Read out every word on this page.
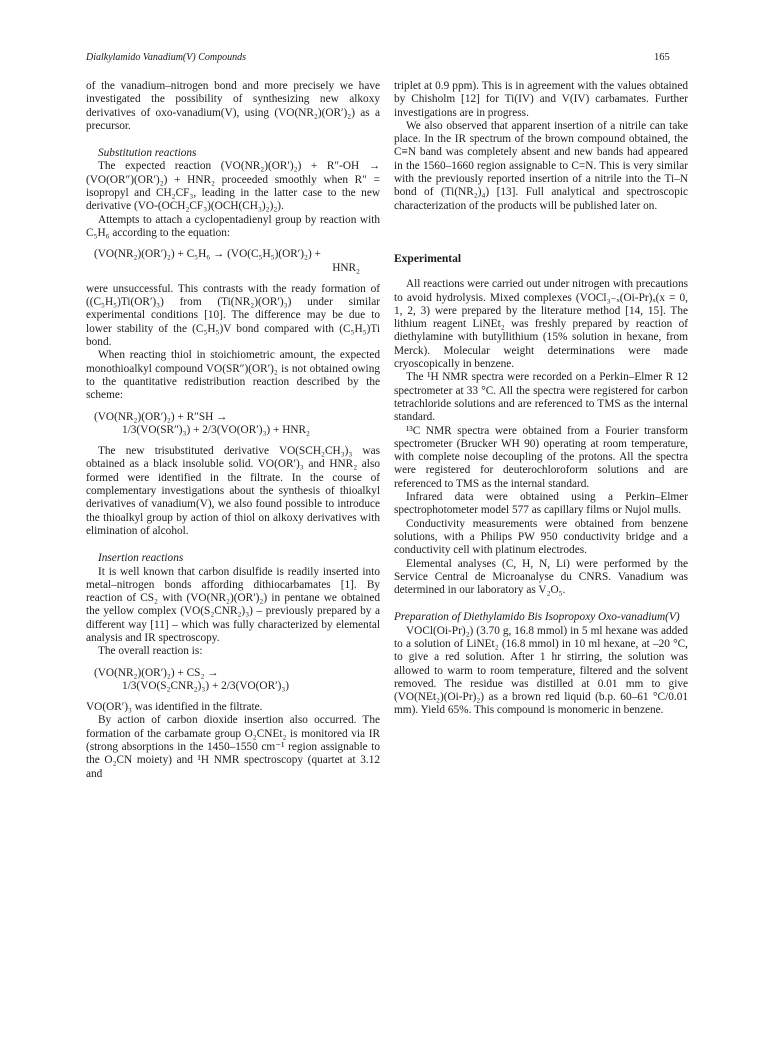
Dialkylamido Vanadium(V) Compounds	165

of the vanadium–nitrogen bond and more precisely we have investigated the possibility of synthesizing new alkoxy derivatives of oxo-vanadium(V), using (VO(NR₂)(OR′)₂) as a precursor.

Substitution reactions

The expected reaction (VO(NR₂)(OR′)₂) + R″-OH → (VO(OR″)(OR′)₂) + HNR₂ proceeded smoothly when R″ = isopropyl and CH₂CF₃, leading in the latter case to the new derivative (VO-(OCH₂CF₃)(OCH(CH₃)₂)₂).

Attempts to attach a cyclopentadienyl group by reaction with C₅H₆ according to the equation:

(VO(NR₂)(OR′)₂) + C₅H₆ → (VO(C₅H₅)(OR′)₂) +
HNR₂

were unsuccessful. This contrasts with the ready formation of ((C₅H₅)Ti(OR′)₃) from (Ti(NR₂)(OR′)₃) under similar experimental conditions [10]. The difference may be due to lower stability of the (C₅H₅)V bond compared with (C₅H₅)Ti bond.

When reacting thiol in stoichiometric amount, the expected monothioalkyl compound VO(SR″)(OR′)₂ is not obtained owing to the quantitative redistribution reaction described by the scheme:

(VO(NR₂)(OR′)₂) + R″SH →
1/3(VO(SR″)₃) + 2/3(VO(OR′)₃) + HNR₂

The new trisubstituted derivative VO(SCH₂CH₃)₃ was obtained as a black insoluble solid. VO(OR′)₃ and HNR₂ also formed were identified in the filtrate. In the course of complementary investigations about the synthesis of thioalkyl derivatives of vanadium(V), we also found possible to introduce the thioalkyl group by action of thiol on alkoxy derivatives with elimination of alcohol.

Insertion reactions

It is well known that carbon disulfide is readily inserted into metal–nitrogen bonds affording dithiocarbamates [1]. By reaction of CS₂ with (VO(NR₂)(OR′)₂) in pentane we obtained the yellow complex (VO(S₂CNR₂)₃) – previously prepared by a different way [11] – which was fully characterized by elemental analysis and IR spectroscopy.

The overall reaction is:

(VO(NR₂)(OR′)₂) + CS₂ →
1/3(VO(S₂CNR₂)₃) + 2/3(VO(OR′)₃)

VO(OR′)₃ was identified in the filtrate.

By action of carbon dioxide insertion also occurred. The formation of the carbamate group O₂CNEt₂ is monitored via IR (strong absorptions in the 1450–1550 cm⁻¹ region assignable to the O₂CN moiety) and ¹H NMR spectroscopy (quartet at 3.12 and

triplet at 0.9 ppm). This is in agreement with the values obtained by Chisholm [12] for Ti(IV) and V(IV) carbamates. Further investigations are in progress.

We also observed that apparent insertion of a nitrile can take place. In the IR spectrum of the brown compound obtained, the C≡N band was completely absent and new bands had appeared in the 1560–1660 region assignable to C=N. This is very similar with the previously reported insertion of a nitrile into the Ti–N bond of (Ti(NR₂)₄) [13]. Full analytical and spectroscopic characterization of the products will be published later on.

Experimental

All reactions were carried out under nitrogen with precautions to avoid hydrolysis. Mixed complexes (VOCl₃₋ₓ(Oi-Pr)ₓ(x = 0, 1, 2, 3) were prepared by the literature method [14, 15]. The lithium reagent LiNEt₂ was freshly prepared by reaction of diethylamine with butyllithium (15% solution in hexane, from Merck). Molecular weight determinations were made cryoscopically in benzene.

The ¹H NMR spectra were recorded on a Perkin–Elmer R 12 spectrometer at 33 °C. All the spectra were registered for carbon tetrachloride solutions and are referenced to TMS as the internal standard.

¹³C NMR spectra were obtained from a Fourier transform spectrometer (Brucker WH 90) operating at room temperature, with complete noise decoupling of the protons. All the spectra were registered for deuterochloroform solutions and are referenced to TMS as the internal standard.

Infrared data were obtained using a Perkin–Elmer spectrophotometer model 577 as capillary films or Nujol mulls.

Conductivity measurements were obtained from benzene solutions, with a Philips PW 950 conductivity bridge and a conductivity cell with platinum electrodes.

Elemental analyses (C, H, N, Li) were performed by the Service Central de Microanalyse du CNRS. Vanadium was determined in our laboratory as V₂O₅.

Preparation of Diethylamido Bis Isopropoxy Oxo-vanadium(V)

VOCl(Oi-Pr)₂) (3.70 g, 16.8 mmol) in 5 ml hexane was added to a solution of LiNEt₂ (16.8 mmol) in 10 ml hexane, at –20 °C, to give a red solution. After 1 hr stirring, the solution was allowed to warm to room temperature, filtered and the solvent removed. The residue was distilled at 0.01 mm to give (VO(NEt₂)(Oi-Pr)₂) as a brown red liquid (b.p. 60–61 °C/0.01 mm). Yield 65%. This compound is monomeric in benzene.
